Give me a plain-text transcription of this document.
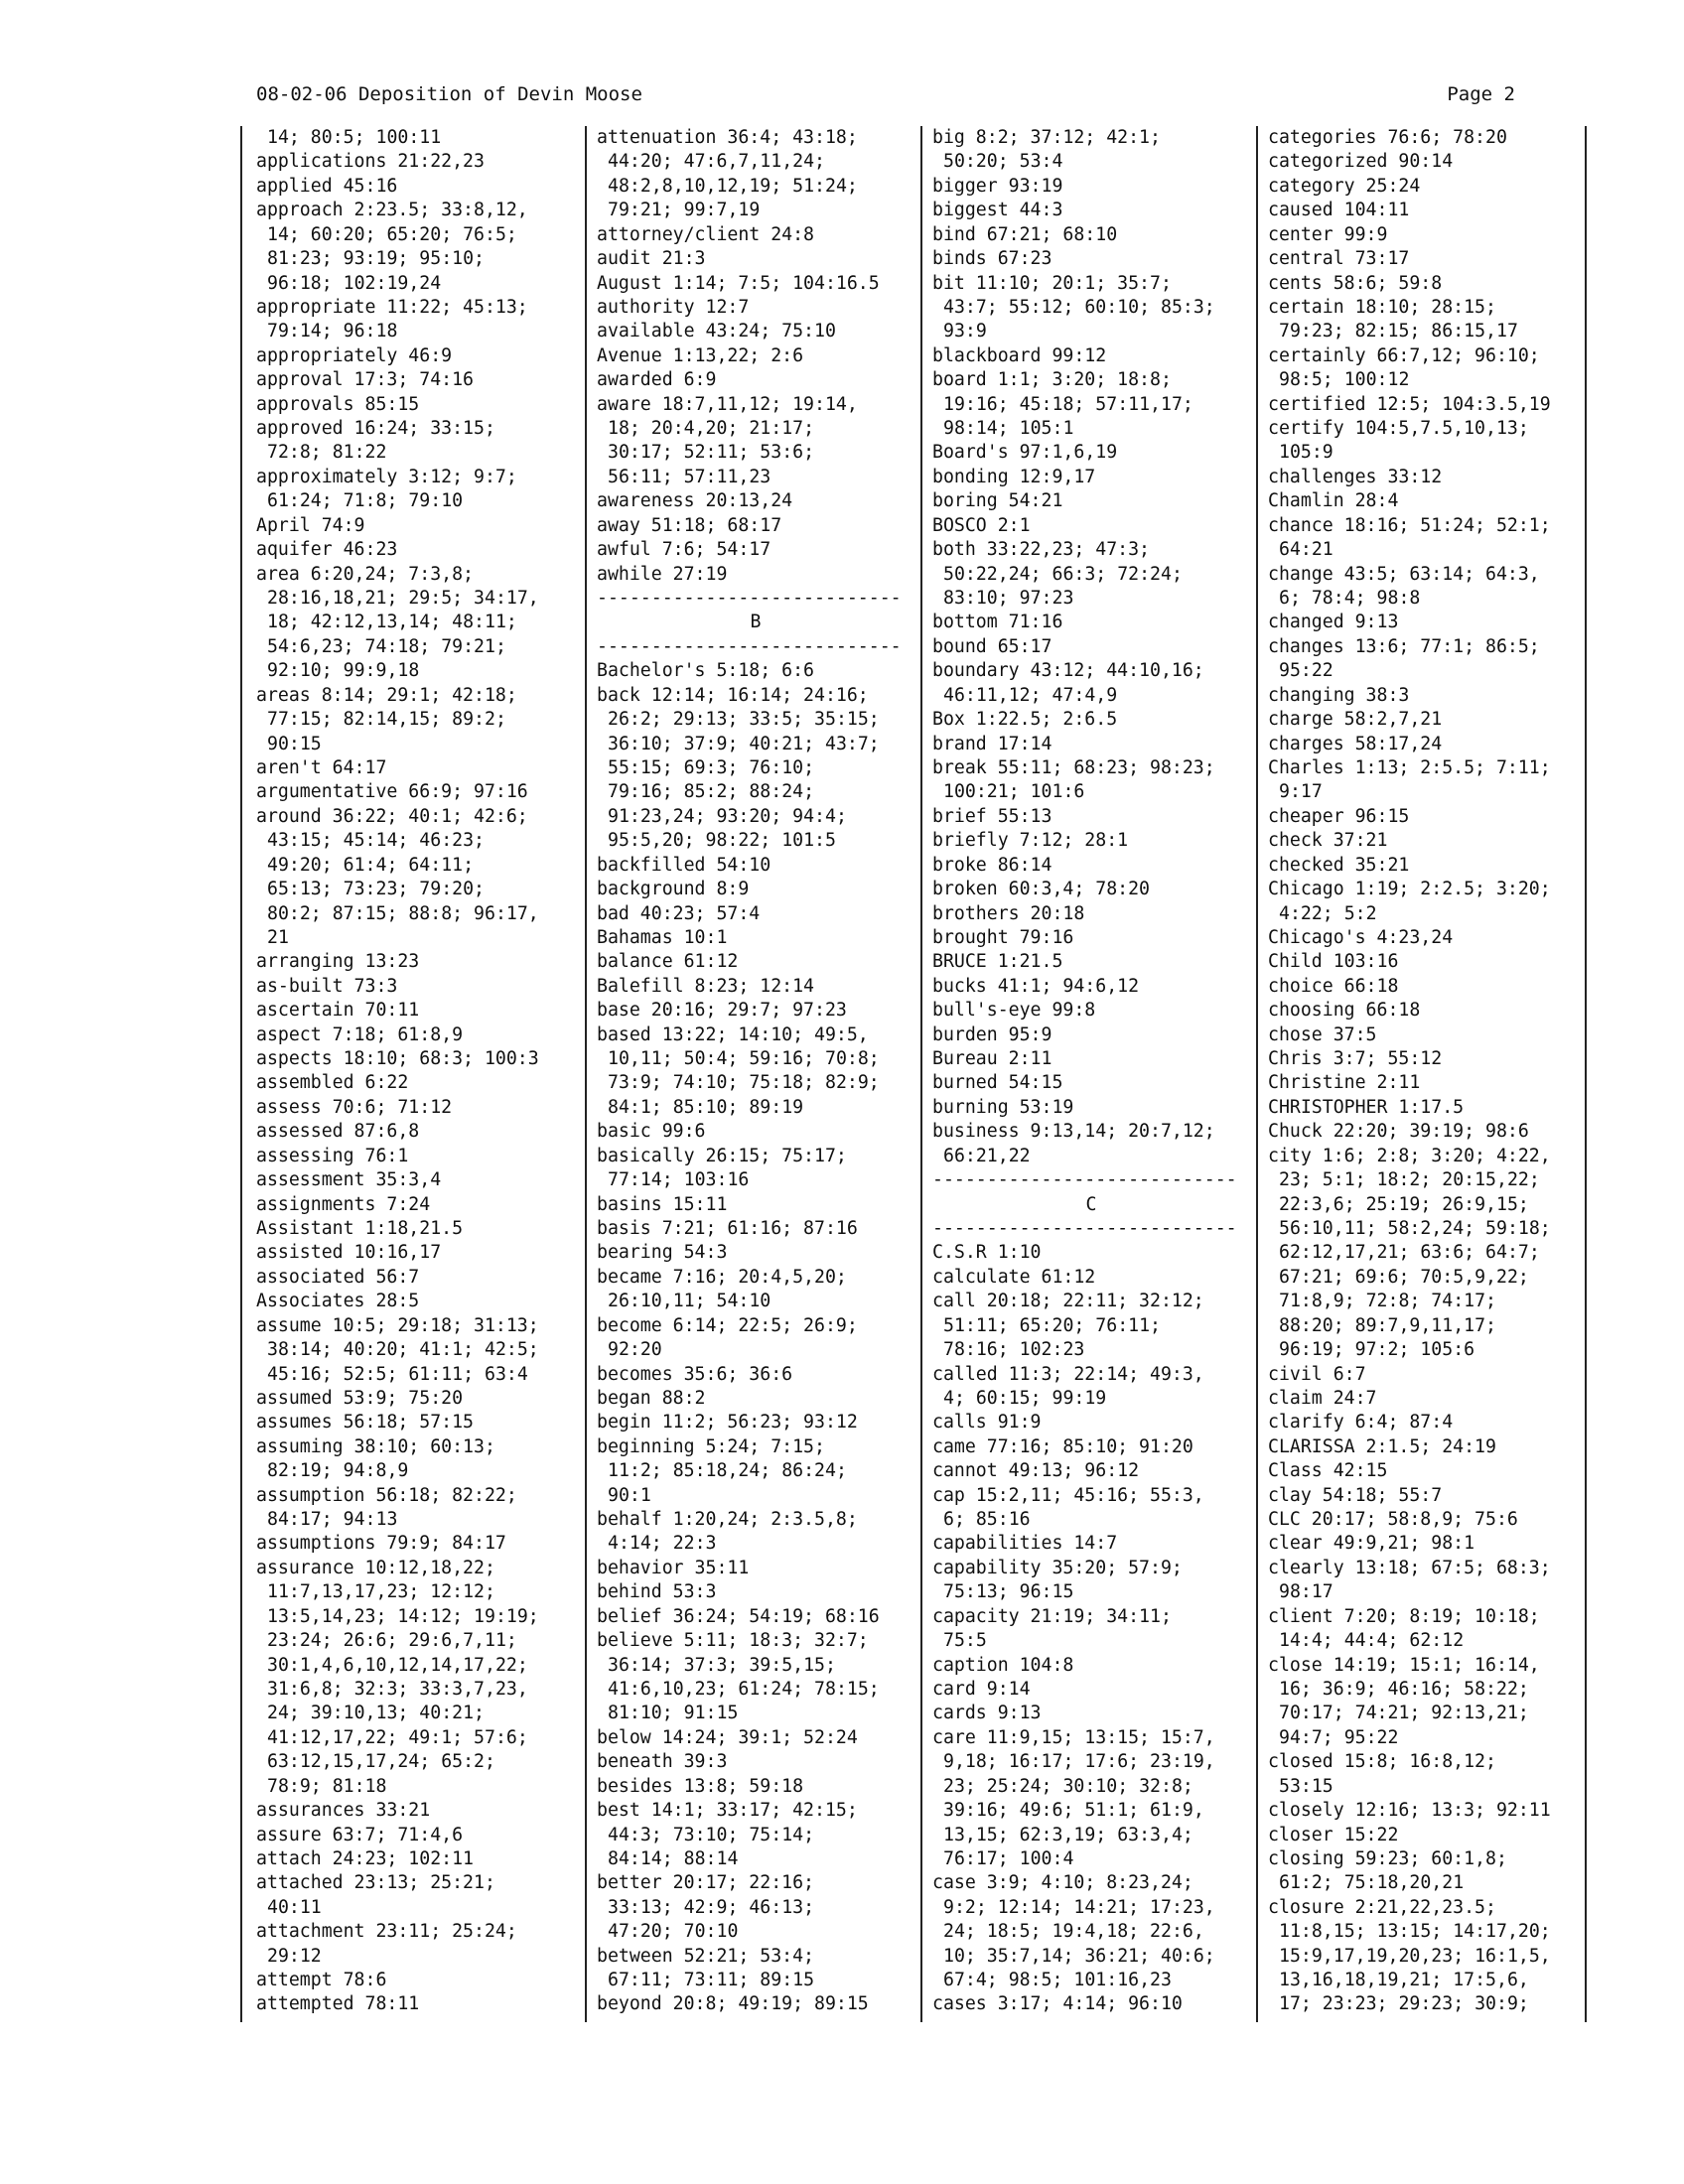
08-02-06 Deposition of Devin Moose	Page 2
14; 80:5; 100:11
applications 21:22,23
applied 45:16
approach 2:23.5; 33:8,12,
14; 60:20; 65:20; 76:5;
81:23; 93:19; 95:10;
96:18; 102:19,24
appropriate 11:22; 45:13;
79:14; 96:18
appropriately 46:9
approval 17:3; 74:16
approvals 85:15
approved 16:24; 33:15;
72:8; 81:22
approximately 3:12; 9:7;
61:24; 71:8; 79:10
April 74:9
aquifer 46:23
area 6:20,24; 7:3,8;
28:16,18,21; 29:5; 34:17,
18; 42:12,13,14; 48:11;
54:6,23; 74:18; 79:21;
92:10; 99:9,18
areas 8:14; 29:1; 42:18;
77:15; 82:14,15; 89:2;
90:15
aren't 64:17
argumentative 66:9; 97:16
around 36:22; 40:1; 42:6;
43:15; 45:14; 46:23;
49:20; 61:4; 64:11;
65:13; 73:23; 79:20;
80:2; 87:15; 88:8; 96:17,
21
arranging 13:23
as-built 73:3
ascertain 70:11
aspect 7:18; 61:8,9
aspects 18:10; 68:3; 100:3
assembled 6:22
assess 70:6; 71:12
assessed 87:6,8
assessing 76:1
assessment 35:3,4
assignments 7:24
Assistant 1:18,21.5
assisted 10:16,17
associated 56:7
Associates 28:5
assume 10:5; 29:18; 31:13;
38:14; 40:20; 41:1; 42:5;
45:16; 52:5; 61:11; 63:4
assumed 53:9; 75:20
assumes 56:18; 57:15
assuming 38:10; 60:13;
82:19; 94:8,9
assumption 56:18; 82:22;
84:17; 94:13
assumptions 79:9; 84:17
assurance 10:12,18,22;
11:7,13,17,23; 12:12;
13:5,14,23; 14:12; 19:19;
23:24; 26:6; 29:6,7,11;
30:1,4,6,10,12,14,17,22;
31:6,8; 32:3; 33:3,7,23,
24; 39:10,13; 40:21;
41:12,17,22; 49:1; 57:6;
63:12,15,17,24; 65:2;
78:9; 81:18
assurances 33:21
assure 63:7; 71:4,6
attach 24:23; 102:11
attached 23:13; 25:21;
40:11
attachment 23:11; 25:24;
29:12
attempt 78:6
attempted 78:11
attenuation 36:4; 43:18;
44:20; 47:6,7,11,24;
48:2,8,10,12,19; 51:24;
79:21; 99:7,19
attorney/client 24:8
audit 21:3
August 1:14; 7:5; 104:16.5
authority 12:7
available 43:24; 75:10
Avenue 1:13,22; 2:6
awarded 6:9
aware 18:7,11,12; 19:14,
18; 20:4,20; 21:17;
30:17; 52:11; 53:6;
56:11; 57:11,23
awareness 20:13,24
away 51:18; 68:17
awful 7:6; 54:17
awhile 27:19
----------------------------
B
----------------------------
Bachelor's 5:18; 6:6
back 12:14; 16:14; 24:16;
26:2; 29:13; 33:5; 35:15;
36:10; 37:9; 40:21; 43:7;
55:15; 69:3; 76:10;
79:16; 85:2; 88:24;
91:23,24; 93:20; 94:4;
95:5,20; 98:22; 101:5
backfilled 54:10
background 8:9
bad 40:23; 57:4
Bahamas 10:1
balance 61:12
Balefill 8:23; 12:14
base 20:16; 29:7; 97:23
based 13:22; 14:10; 49:5,
10,11; 50:4; 59:16; 70:8;
73:9; 74:10; 75:18; 82:9;
84:1; 85:10; 89:19
basic 99:6
basically 26:15; 75:17;
77:14; 103:16
basins 15:11
basis 7:21; 61:16; 87:16
bearing 54:3
became 7:16; 20:4,5,20;
26:10,11; 54:10
become 6:14; 22:5; 26:9;
92:20
becomes 35:6; 36:6
began 88:2
begin 11:2; 56:23; 93:12
beginning 5:24; 7:15;
11:2; 85:18,24; 86:24;
90:1
behalf 1:20,24; 2:3.5,8;
4:14; 22:3
behavior 35:11
behind 53:3
belief 36:24; 54:19; 68:16
believe 5:11; 18:3; 32:7;
36:14; 37:3; 39:5,15;
41:6,10,23; 61:24; 78:15;
81:10; 91:15
below 14:24; 39:1; 52:24
beneath 39:3
besides 13:8; 59:18
best 14:1; 33:17; 42:15;
44:3; 73:10; 75:14;
84:14; 88:14
better 20:17; 22:16;
33:13; 42:9; 46:13;
47:20; 70:10
between 52:21; 53:4;
67:11; 73:11; 89:15
beyond 20:8; 49:19; 89:15
big 8:2; 37:12; 42:1;
50:20; 53:4
bigger 93:19
biggest 44:3
bind 67:21; 68:10
binds 67:23
bit 11:10; 20:1; 35:7;
43:7; 55:12; 60:10; 85:3;
93:9
blackboard 99:12
board 1:1; 3:20; 18:8;
19:16; 45:18; 57:11,17;
98:14; 105:1
Board's 97:1,6,19
bonding 12:9,17
boring 54:21
BOSCO 2:1
both 33:22,23; 47:3;
50:22,24; 66:3; 72:24;
83:10; 97:23
bottom 71:16
bound 65:17
boundary 43:12; 44:10,16;
46:11,12; 47:4,9
Box 1:22.5; 2:6.5
brand 17:14
break 55:11; 68:23; 98:23;
100:21; 101:6
brief 55:13
briefly 7:12; 28:1
broke 86:14
broken 60:3,4; 78:20
brothers 20:18
brought 79:16
BRUCE 1:21.5
bucks 41:1; 94:6,12
bull's-eye 99:8
burden 95:9
Bureau 2:11
burned 54:15
burning 53:19
business 9:13,14; 20:7,12;
66:21,22
----------------------------
C
----------------------------
C.S.R 1:10
calculate 61:12
call 20:18; 22:11; 32:12;
51:11; 65:20; 76:11;
78:16; 102:23
called 11:3; 22:14; 49:3,
4; 60:15; 99:19
calls 91:9
came 77:16; 85:10; 91:20
cannot 49:13; 96:12
cap 15:2,11; 45:16; 55:3,
6; 85:16
capabilities 14:7
capability 35:20; 57:9;
75:13; 96:15
capacity 21:19; 34:11;
75:5
caption 104:8
card 9:14
cards 9:13
care 11:9,15; 13:15; 15:7,
9,18; 16:17; 17:6; 23:19,
23; 25:24; 30:10; 32:8;
39:16; 49:6; 51:1; 61:9,
13,15; 62:3,19; 63:3,4;
76:17; 100:4
case 3:9; 4:10; 8:23,24;
9:2; 12:14; 14:21; 17:23,
24; 18:5; 19:4,18; 22:6,
10; 35:7,14; 36:21; 40:6;
67:4; 98:5; 101:16,23
cases 3:17; 4:14; 96:10
categories 76:6; 78:20
categorized 90:14
category 25:24
caused 104:11
center 99:9
central 73:17
cents 58:6; 59:8
certain 18:10; 28:15;
79:23; 82:15; 86:15,17
certainly 66:7,12; 96:10;
98:5; 100:12
certified 12:5; 104:3.5,19
certify 104:5,7.5,10,13;
105:9
challenges 33:12
Chamlin 28:4
chance 18:16; 51:24; 52:1;
64:21
change 43:5; 63:14; 64:3,
6; 78:4; 98:8
changed 9:13
changes 13:6; 77:1; 86:5;
95:22
changing 38:3
charge 58:2,7,21
charges 58:17,24
Charles 1:13; 2:5.5; 7:11;
9:17
cheaper 96:15
check 37:21
checked 35:21
Chicago 1:19; 2:2.5; 3:20;
4:22; 5:2
Chicago's 4:23,24
Child 103:16
choice 66:18
choosing 66:18
chose 37:5
Chris 3:7; 55:12
Christine 2:11
CHRISTOPHER 1:17.5
Chuck 22:20; 39:19; 98:6
city 1:6; 2:8; 3:20; 4:22,
23; 5:1; 18:2; 20:15,22;
22:3,6; 25:19; 26:9,15;
56:10,11; 58:2,24; 59:18;
62:12,17,21; 63:6; 64:7;
67:21; 69:6; 70:5,9,22;
71:8,9; 72:8; 74:17;
88:20; 89:7,9,11,17;
96:19; 97:2; 105:6
civil 6:7
claim 24:7
clarify 6:4; 87:4
CLARISSA 2:1.5; 24:19
Class 42:15
clay 54:18; 55:7
CLC 20:17; 58:8,9; 75:6
clear 49:9,21; 98:1
clearly 13:18; 67:5; 68:3;
98:17
client 7:20; 8:19; 10:18;
14:4; 44:4; 62:12
close 14:19; 15:1; 16:14,
16; 36:9; 46:16; 58:22;
70:17; 74:21; 92:13,21;
94:7; 95:22
closed 15:8; 16:8,12;
53:15
closely 12:16; 13:3; 92:11
closer 15:22
closing 59:23; 60:1,8;
61:2; 75:18,20,21
closure 2:21,22,23.5;
11:8,15; 13:15; 14:17,20;
15:9,17,19,20,23; 16:1,5,
13,16,18,19,21; 17:5,6,
17; 23:23; 29:23; 30:9;
